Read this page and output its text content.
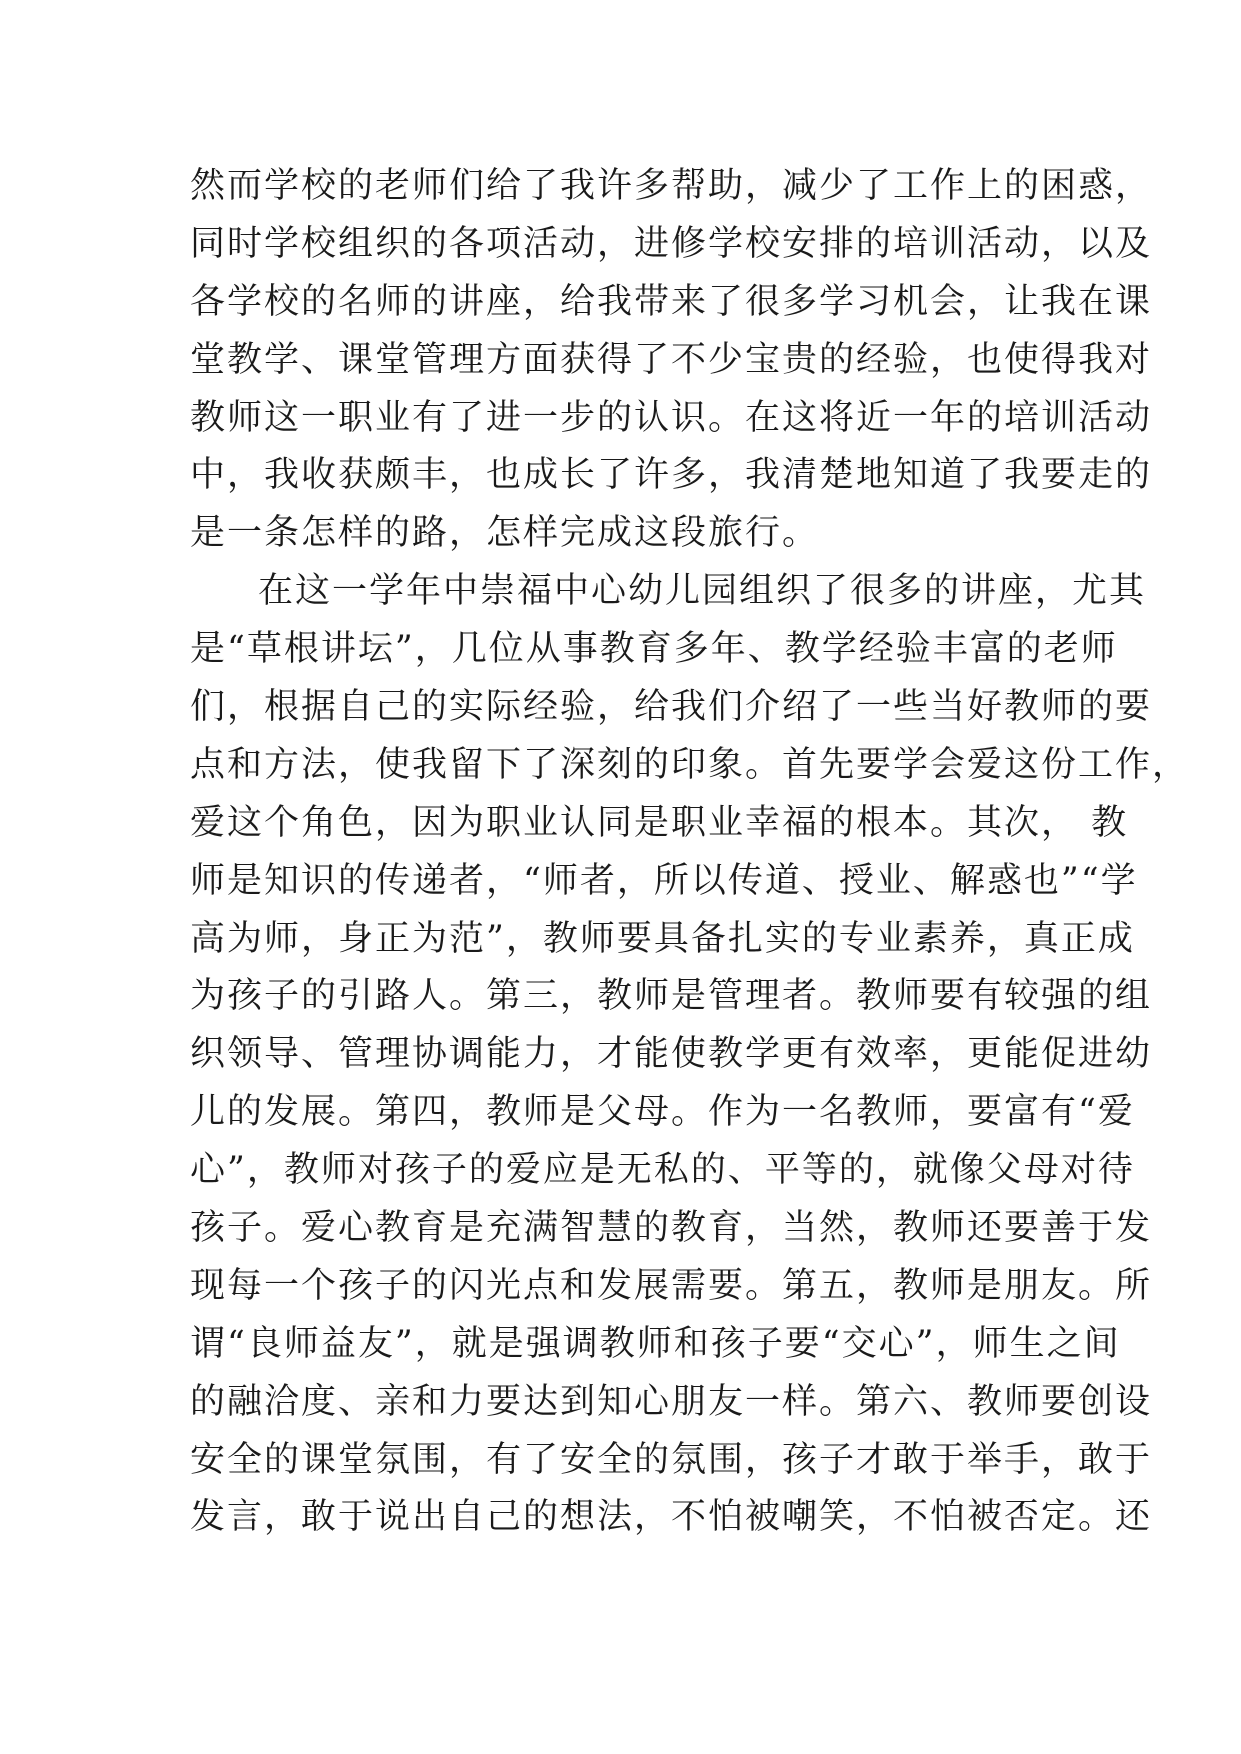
然而学校的老师们给了我许多帮助，减少了工作上的困惑，
同时学校组织的各项活动，进修学校安排的培训活动，以及
各学校的名师的讲座，给我带来了很多学习机会，让我在课
堂教学、课堂管理方面获得了不少宝贵的经验，也使得我对
教师这一职业有了进一步的认识。在这将近一年的培训活动
中，我收获颇丰，也成长了许多，我清楚地知道了我要走的
是一条怎样的路，怎样完成这段旅行。
在这一学年中崇福中心幼儿园组织了很多的讲座，尤其
是“草根讲坛”，几位从事教育多年、教学经验丰富的老师
们，根据自己的实际经验，给我们介绍了一些当好教师的要
点和方法，使我留下了深刻的印象。首先要学会爱这份工作，
爱这个角色，因为职业认同是职业幸福的根本。其次， 教
师是知识的传递者，“师者，所以传道、授业、解惑也”“学
高为师，身正为范”，教师要具备扎实的专业素养，真正成
为孩子的引路人。第三，教师是管理者。教师要有较强的组
织领导、管理协调能力，才能使教学更有效率，更能促进幼
儿的发展。第四，教师是父母。作为一名教师，要富有“爱
心”，教师对孩子的爱应是无私的、平等的，就像父母对待
孩子。爱心教育是充满智慧的教育，当然，教师还要善于发
现每一个孩子的闪光点和发展需要。第五，教师是朋友。所
谓“良师益友”，就是强调教师和孩子要“交心”，师生之间
的融洽度、亲和力要达到知心朋友一样。第六、教师要创设
安全的课堂氛围，有了安全的氛围，孩子才敢于举手，敢于
发言，敢于说出自己的想法，不怕被嘲笑，不怕被否定。还
